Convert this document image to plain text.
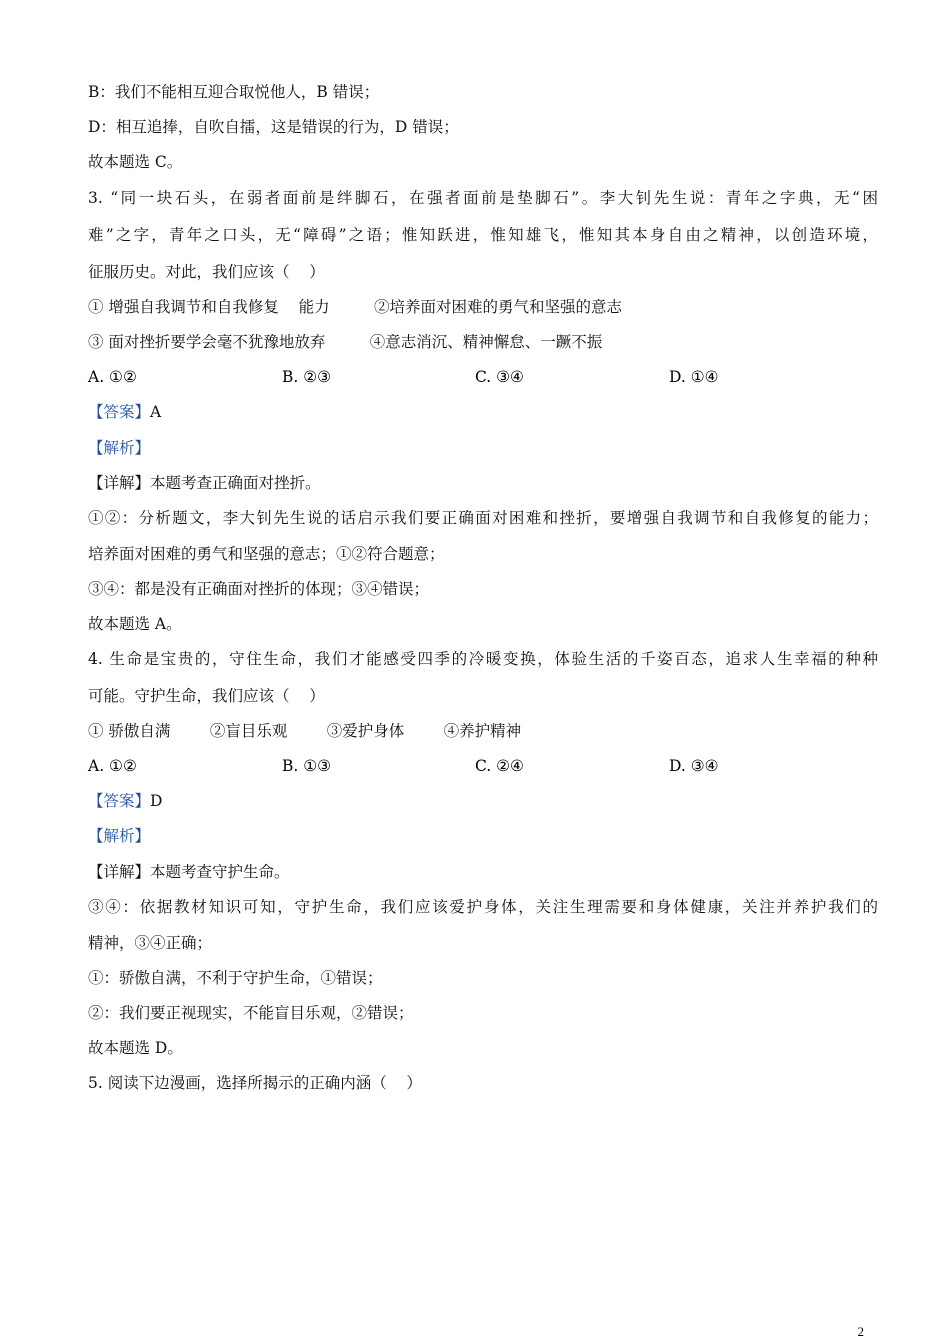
B：我们不能相互迎合取悦他人，B 错误；
D：相互追捧，自吹自擂，这是错误的行为，D 错误；
故本题选 C。
3. “同一块石头，在弱者面前是绊脚石，在强者面前是垫脚石”。李大钊先生说：青年之字典，无“困
难”之字，青年之口头，无“障碍”之语；惟知跃进，惟知雄飞，惟知其本身自由之精神，以创造环境，
征服历史。对此，我们应该（    ）
① 增强自我调节和自我修复    能力         ②培养面对困难的勇气和坚强的意志
③ 面对挫折要学会毫不犹豫地放弃         ④意志消沉、精神懈怠、一蹶不振
A. ①②	B. ②③	C. ③④	D. ①④
【答案】A
【解析】
【详解】本题考查正确面对挫折。
①②：分析题文，李大钊先生说的话启示我们要正确面对困难和挫折，要增强自我调节和自我修复的能力；
培养面对困难的勇气和坚强的意志；①②符合题意；
③④：都是没有正确面对挫折的体现；③④错误；
故本题选 A。
4. 生命是宝贵的，守住生命，我们才能感受四季的冷暖变换，体验生活的千姿百态，追求人生幸福的种种
可能。守护生命，我们应该（    ）
① 骄傲自满        ②盲目乐观        ③爱护身体        ④养护精神
A. ①②	B. ①③	C. ②④	D. ③④
【答案】D
【解析】
【详解】本题考查守护生命。
③④：依据教材知识可知，守护生命，我们应该爱护身体，关注生理需要和身体健康，关注并养护我们的
精神，③④正确；
①：骄傲自满，不利于守护生命，①错误；
②：我们要正视现实，不能盲目乐观，②错误；
故本题选 D。
5. 阅读下边漫画，选择所揭示的正确内涵（    ）
2
